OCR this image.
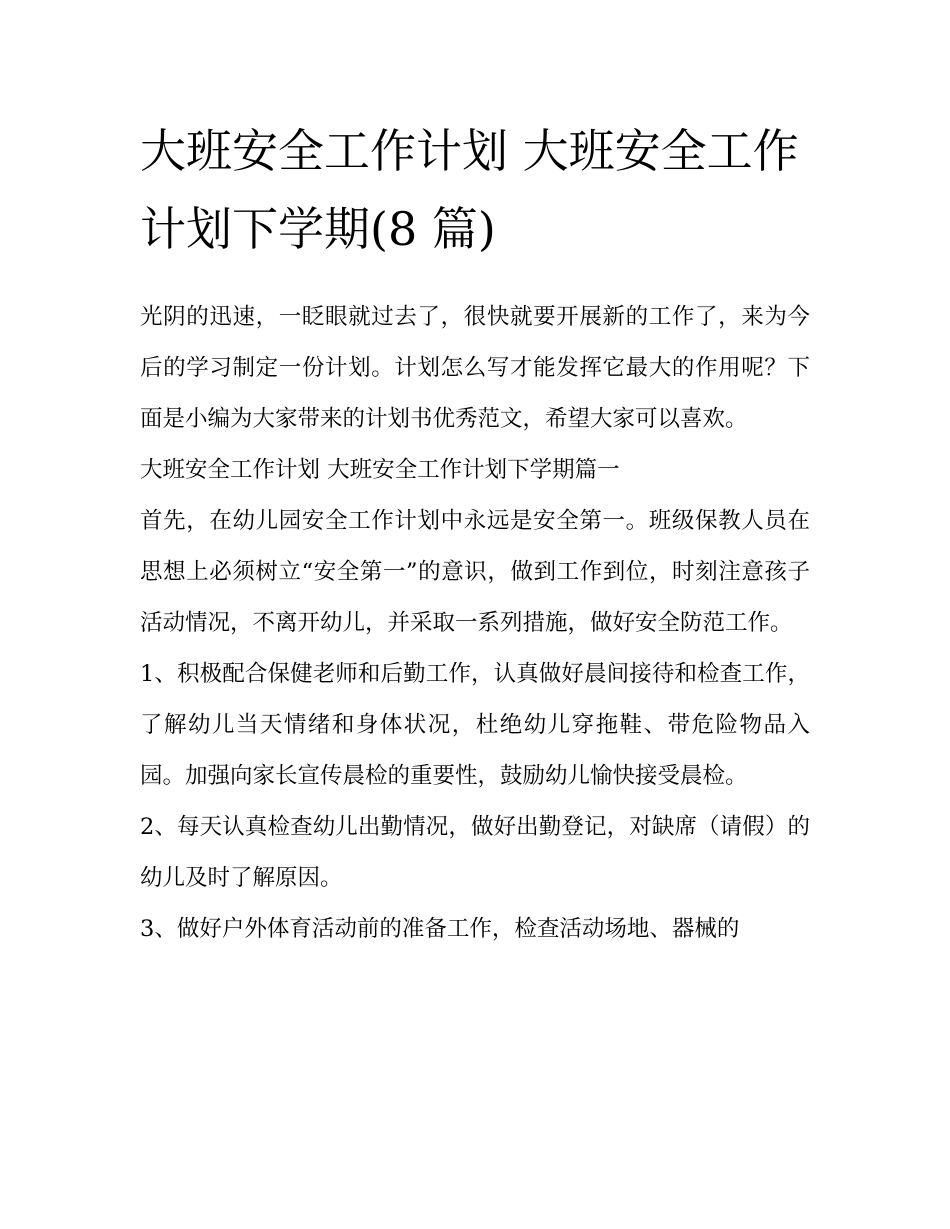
大班安全工作计划 大班安全工作计划下学期(8 篇)

光阴的迅速，一眨眼就过去了，很快就要开展新的工作了，来为今后的学习制定一份计划。计划怎么写才能发挥它最大的作用呢？下面是小编为大家带来的计划书优秀范文，希望大家可以喜欢。

大班安全工作计划 大班安全工作计划下学期篇一

首先，在幼儿园安全工作计划中永远是安全第一。班级保教人员在思想上必须树立“安全第一”的意识，做到工作到位，时刻注意孩子活动情况，不离开幼儿，并采取一系列措施，做好安全防范工作。

1、积极配合保健老师和后勤工作，认真做好晨间接待和检查工作，了解幼儿当天情绪和身体状况，杜绝幼儿穿拖鞋、带危险物品入园。加强向家长宣传晨检的重要性，鼓励幼儿愉快接受晨检。

2、每天认真检查幼儿出勤情况，做好出勤登记，对缺席（请假）的幼儿及时了解原因。

3、做好户外体育活动前的准备工作，检查活动场地、器械的
